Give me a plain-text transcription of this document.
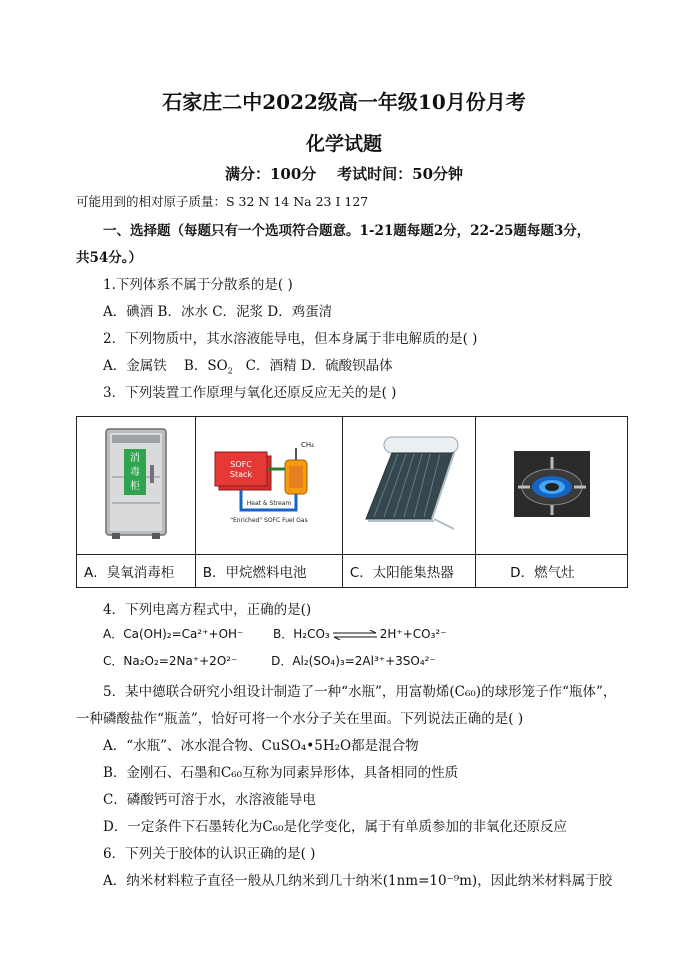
石家庄二中2022级高一年级10月份月考
化学试题
满分：100分    考试时间：50分钟
可能用到的相对原子质量：S 32 N 14 Na 23 I 127
一、选择题（每题只有一个选项符合题意。1-21题每题2分，22-25题每题3分，
共54分。）
1.下列体系不属于分散系的是( )
A．碘酒 B．冰水 C．泥浆 D．鸡蛋清
2．下列物质中，其水溶液能导电，但本身属于非电解质的是( )
A．金属铁 B．$SO_2$ C．酒精 D．硫酸钡晶体
3．下列装置工作原理与氧化还原反应无关的是( )
消
毒
柜	SOFC
Stack
CH₄
Heat & Stream
"Enriched" SOFC Fuel Gas

A．臭氧消毒柜	B．甲烷燃料电池	C．太阳能集热器	D．燃气灶
4．下列电离方程式中，正确的是()
A．Ca(OH)₂=Ca²⁺+OH⁻ B．H₂CO₃ ⇌ 2H⁺+CO₃²⁻
C．Na₂O₂=2Na⁺+2O²⁻	D．Al₂(SO₄)₃=2Al³⁺+3SO₄²⁻
5．某中德联合研究小组设计制造了一种“水瓶”，用富勒烯(C₆₀)的球形笼子作“瓶体”，
一种磷酸盐作“瓶盖”，恰好可将一个水分子关在里面。下列说法正确的是( )
A．“水瓶”、冰水混合物、CuSO₄•5H₂O都是混合物
B．金刚石、石墨和C₆₀互称为同素异形体，具备相同的性质
C．磷酸钙可溶于水，水溶液能导电
D．一定条件下石墨转化为C₆₀是化学变化，属于有单质参加的非氧化还原反应
6．下列关于胶体的认识正确的是( )
A．纳米材料粒子直径一般从几纳米到几十纳米(1nm=10⁻⁹m)，因此纳米材料属于胶
